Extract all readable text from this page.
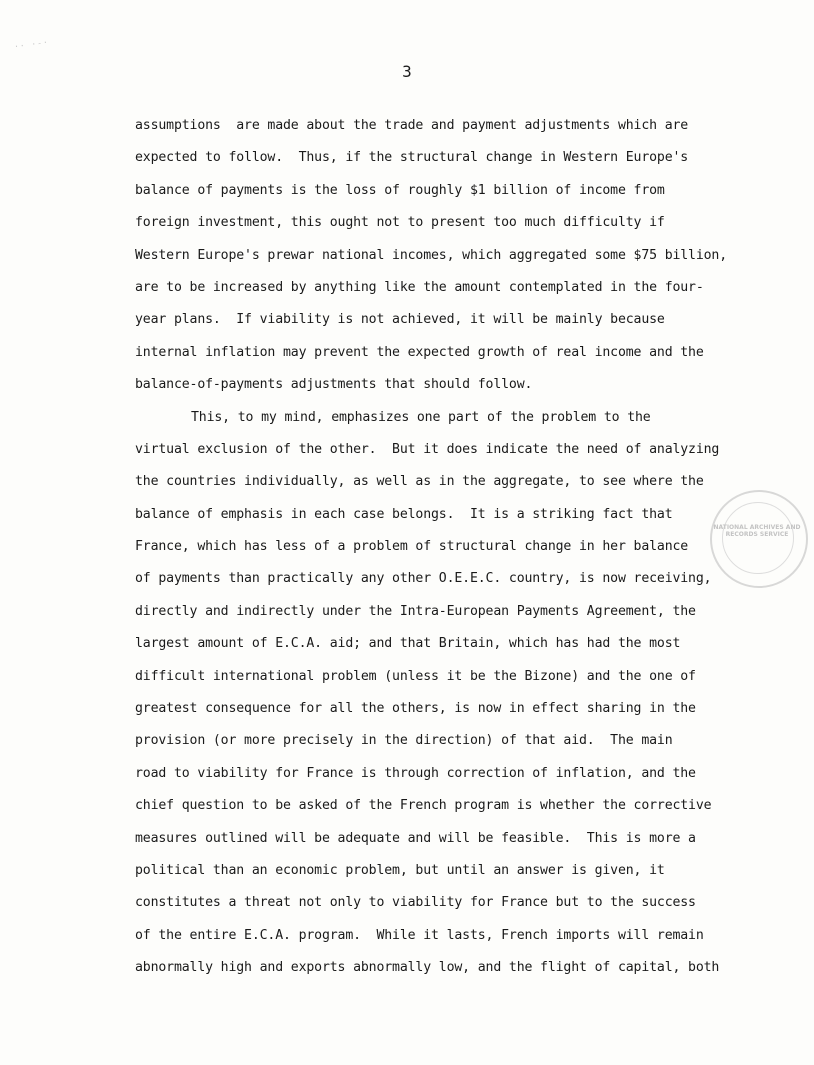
·· ·-·
3
assumptions  are made about the trade and payment adjustments which are
expected to follow.  Thus, if the structural change in Western Europe's
balance of payments is the loss of roughly $1 billion of income from
foreign investment, this ought not to present too much difficulty if
Western Europe's prewar national incomes, which aggregated some $75 billion,
are to be increased by anything like the amount contemplated in the four-
year plans.  If viability is not achieved, it will be mainly because
internal inflation may prevent the expected growth of real income and the
balance-of-payments adjustments that should follow.
This, to my mind, emphasizes one part of the problem to the
virtual exclusion of the other.  But it does indicate the need of analyzing
the countries individually, as well as in the aggregate, to see where the
balance of emphasis in each case belongs.  It is a striking fact that
France, which has less of a problem of structural change in her balance
of payments than practically any other O.E.E.C. country, is now receiving,
directly and indirectly under the Intra-European Payments Agreement, the
largest amount of E.C.A. aid; and that Britain, which has had the most
difficult international problem (unless it be the Bizone) and the one of
greatest consequence for all the others, is now in effect sharing in the
provision (or more precisely in the direction) of that aid.  The main
road to viability for France is through correction of inflation, and the
chief question to be asked of the French program is whether the corrective
measures outlined will be adequate and will be feasible.  This is more a
political than an economic problem, but until an answer is given, it
constitutes a threat not only to viability for France but to the success
of the entire E.C.A. program.  While it lasts, French imports will remain
abnormally high and exports abnormally low, and the flight of capital, both
NATIONAL ARCHIVES AND RECORDS SERVICE
